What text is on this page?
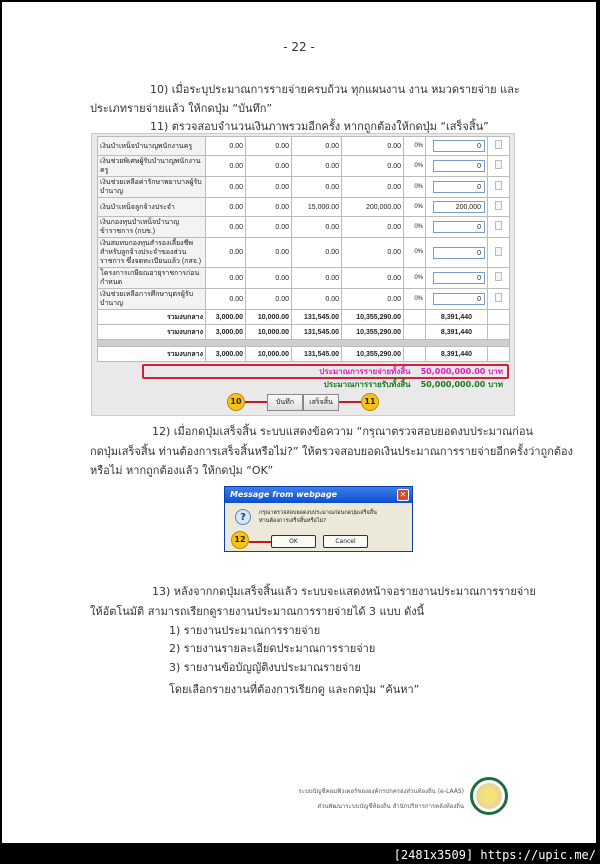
- 22 -
10) เมื่อระบุประมาณการรายจ่ายครบถ้วน ทุกแผนงาน งาน หมวดรายจ่าย และ
ประเภทรายจ่ายแล้ว ให้กดปุ่ม “บันทึก”
11) ตรวจสอบจำนวนเงินภาพรวมอีกครั้ง หากถูกต้องให้กดปุ่ม “เสร็จสิ้น”
เงินบำเหน็จบำนาญพนักงานครู	0.00	0.00	0.00	0.00	0%	0	
เงินช่วยพิเศษผู้รับบำนาญพนักงานครู	0.00	0.00	0.00	0.00	0%	0	
เงินช่วยเหลือค่ารักษาพยาบาลผู้รับบำนาญ	0.00	0.00	0.00	0.00	0%	0	
เงินบำเหน็จลูกจ้างประจำ	0.00	0.00	15,000.00	200,000.00	0%	200,000	
เงินกองทุนบำเหน็จบำนาญข้าราชการ (กบข.)	0.00	0.00	0.00	0.00	0%	0	
เงินสมทบกองทุนสำรองเลี้ยงชีพสำหรับลูกจ้างประจำของส่วนราชการ ซึ่งจดทะเบียนแล้ว (กสจ.)	0.00	0.00	0.00	0.00	0%	0	
โครงการเกษียณอายุราชการก่อนกำหนด	0.00	0.00	0.00	0.00	0%	0	
เงินช่วยเหลือการศึกษาบุตรผู้รับบำนาญ	0.00	0.00	0.00	0.00	0%	0	
รวมงบกลาง	3,000.00	10,000.00	131,545.00	10,355,290.00		8,391,440	
รวมงบกลาง	3,000.00	10,000.00	131,545.00	10,355,290.00		8,391,440	

รวมงบกลาง	3,000.00	10,000.00	131,545.00	10,355,290.00		8,391,440	
ประมาณการรายจ่ายทั้งสิ้น 50,000,000.00 บาท
ประมาณการรายรับทั้งสิ้น 50,000,000.00 บาท
10	บันทึก	เสร็จสิ้น	11
12) เมื่อกดปุ่มเสร็จสิ้น ระบบแสดงข้อความ “กรุณาตรวจสอบยอดงบประมาณก่อน
กดปุ่มเสร็จสิ้น ท่านต้องการเสร็จสิ้นหรือไม่?” ให้ตรวจสอบยอดเงินประมาณการรายจ่ายอีกครั้งว่าถูกต้อง
หรือไม่ หากถูกต้องแล้ว ให้กดปุ่ม “OK”
Message from webpage	✕
?	กรุณาตรวจสอบยอดงบประมาณก่อนกดปุ่มเสร็จสิ้น
ท่านต้องการเสร็จสิ้นหรือไม่?
12	OK	Cancel
13) หลังจากกดปุ่มเสร็จสิ้นแล้ว ระบบจะแสดงหน้าจอรายงานประมาณการรายจ่าย
ให้อัตโนมัติ สามารถเรียกดูรายงานประมาณการรายจ่ายได้ 3 แบบ ดังนี้
1) รายงานประมาณการรายจ่าย
2) รายงานรายละเอียดประมาณการรายจ่าย
3) รายงานข้อบัญญัติงบประมาณรายจ่าย
โดยเลือกรายงานที่ต้องการเรียกดู และกดปุ่ม “ค้นหา”
ระบบบัญชีคอมพิวเตอร์ขององค์กรปกครองส่วนท้องถิ่น (e-LAAS)
ส่วนพัฒนาระบบบัญชีท้องถิ่น สำนักบริหารการคลังท้องถิ่น
[2481x3509] https://upic.me/
